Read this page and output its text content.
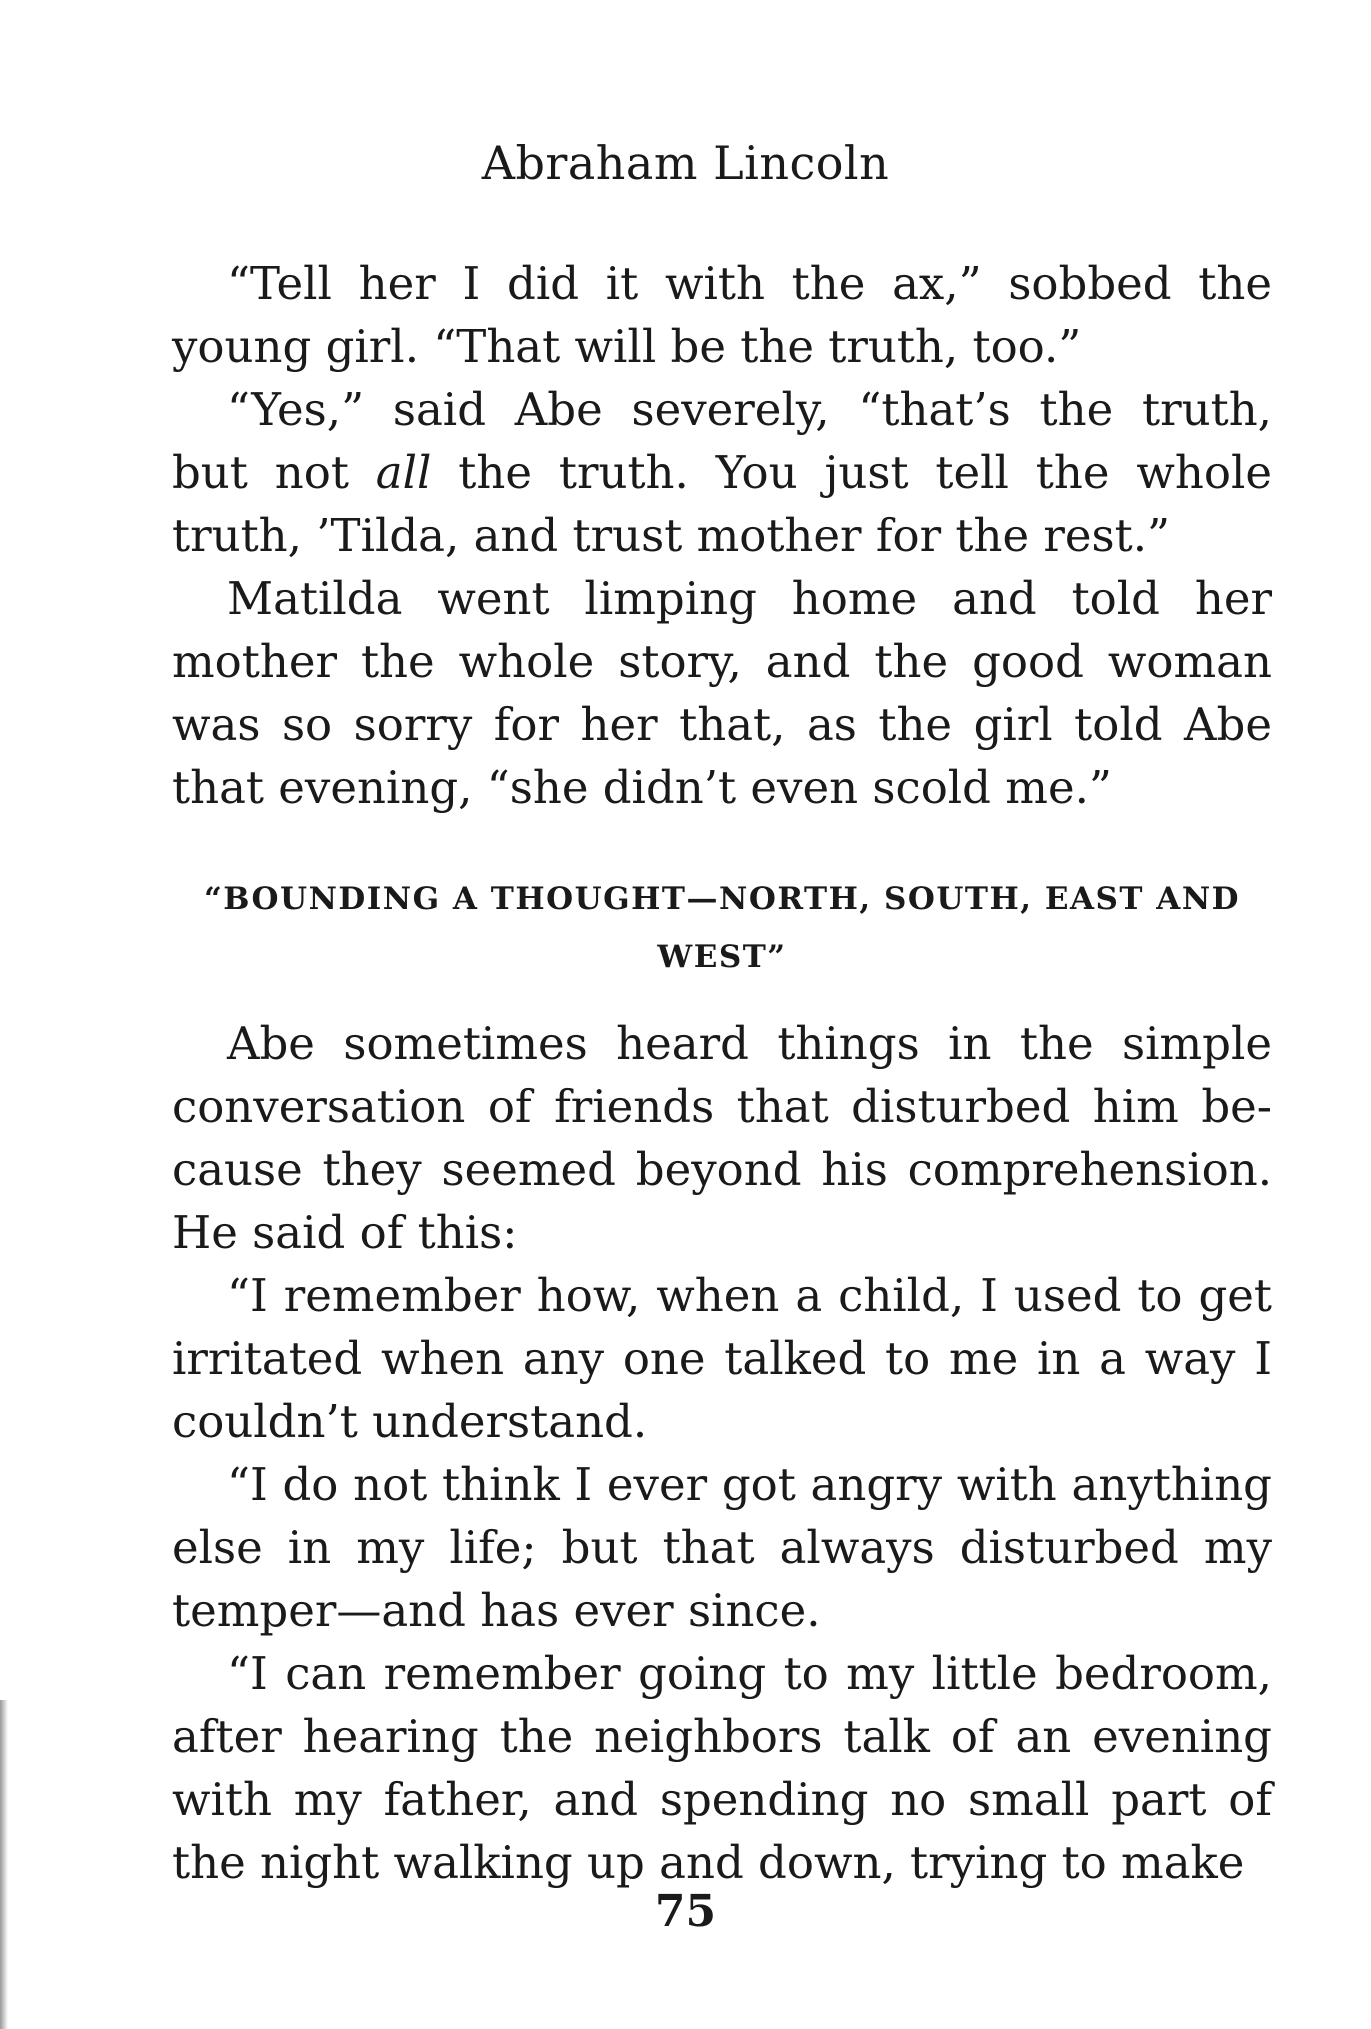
Abraham Lincoln

“Tell her I did it with the ax,” sobbed the young girl. “That will be the truth, too.”

“Yes,” said Abe severely, “that’s the truth, but not all the truth. You just tell the whole truth, ’Tilda, and trust mother for the rest.”

Matilda went limping home and told her mother the whole story, and the good woman was so sorry for her that, as the girl told Abe that evening, “she didn’t even scold me.”

“BOUNDING A THOUGHT—NORTH, SOUTH, EAST AND WEST”

Abe sometimes heard things in the simple conversation of friends that disturbed him because they seemed beyond his comprehension. He said of this:

“I remember how, when a child, I used to get irritated when any one talked to me in a way I couldn’t understand.

“I do not think I ever got angry with anything else in my life; but that always disturbed my temper—and has ever since.

“I can remember going to my little bedroom, after hearing the neighbors talk of an evening with my father, and spending no small part of the night walking up and down, trying to make

75
